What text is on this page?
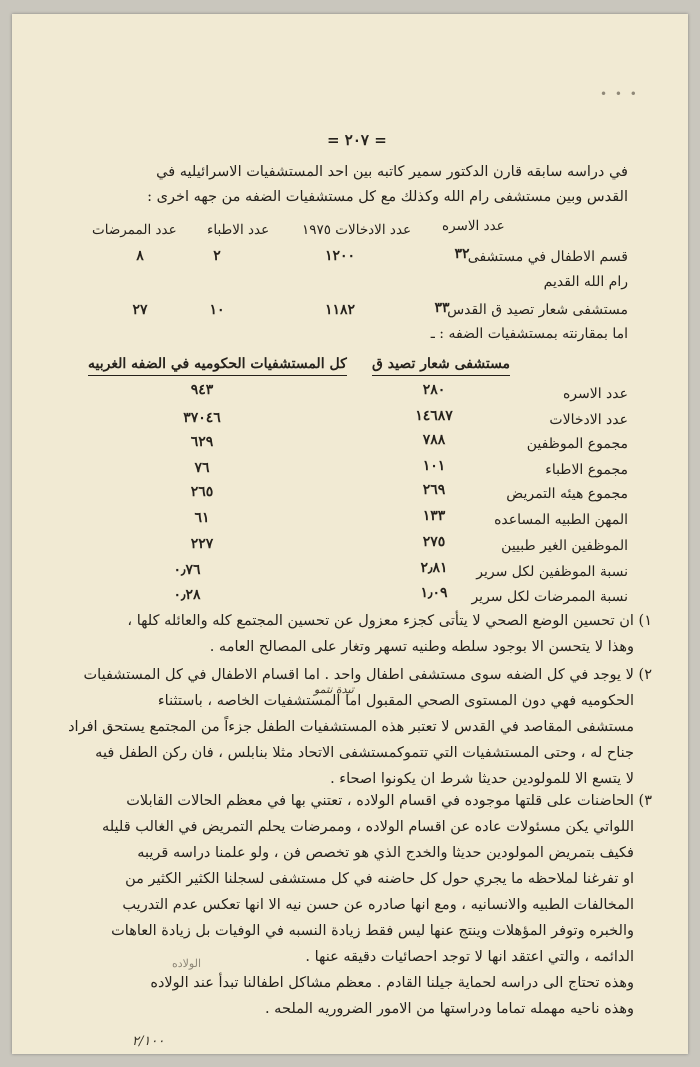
• • •
= ٢٠٧ =
في دراسه سابقه قارن الدكتور سمير كاتبه بين احد المستشفيات الاسرائيليه في
القدس وبين مستشفى رام الله وكذلك مع كل مستشفيات الضفه من جهه اخرى :
عدد الاسره
عدد الادخالات ١٩٧٥
عدد الاطباء
عدد الممرضات
قسم الاطفال في مستشفى
٣٢
١٢٠٠
٢
٨
رام الله القديم
مستشفى شعار تصيد ق القدس
٣٣
١١٨٢
١٠
٢٧
اما بمقارنته بمستشفيات الضفه : ـ
مستشفى شعار تصيد ق
كل المستشفيات الحكوميه في الضفه الغربيه
عدد الاسره
٢٨٠
٩٤٣
عدد الادخالات
١٤٦٨٧
٣٧٠٤٦
مجموع الموظفين
٧٨٨
٦٢٩
مجموع الاطباء
١٠١
٧٦
مجموع هيئه التمريض
٢٦٩
٢٦٥
المهن الطبيه المساعده
١٣٣
٦١
الموظفين الغير طبيين
٢٧٥
٢٢٧
نسبة الموظفين لكل سرير
٢٫٨١
٠٫٧٦
نسبة الممرضات لكل سرير
١٫٠٩
٠٫٢٨
١) ان تحسين الوضع الصحي لا يتأتى كجزء معزول عن تحسين المجتمع كله والعائله كلها ،
وهذا لا يتحسن الا بوجود سلطه وطنيه تسهر وتغار على المصالح العامه .
٢) لا يوجد في كل الضفه سوى مستشفى اطفال واحد . اما اقسام الاطفال في كل المستشفيات
الحكوميه فهي دون المستوى الصحي المقبول اما المستشفيات الخاصه ، باستثناء
مستشفى المقاصد في القدس لا تعتبر هذه المستشفيات الطفل جزءاً من المجتمع يستحق افراد
جناح له ، وحتى المستشفيات التي تتموكمستشفى الاتحاد مثلا بنابلس ، فان ركن الطفل فيه
لا يتسع الا للمولودين حديثا شرط ان يكونوا اصحاء .
تبدة نتمو
٣) الحاضنات على قلتها موجوده في اقسام الولاده ، تعتني بها في معظم الحالات القابلات
اللواتي يكن مسئولات عاده عن اقسام الولاده ، وممرضات يحلم التمريض في الغالب قليله
فكيف بتمريض المولودين حديثا والخدج الذي هو تخصص فن ، ولو علمنا دراسه قريبه
او تفرغنا لملاحظه ما يجري حول كل حاضنه في كل مستشفى لسجلنا الكثير الكثير من
المخالفات الطبيه والانسانيه ، ومع انها صادره عن حسن نيه الا انها تعكس عدم التدريب
والخبره وتوفر المؤهلات وينتج عنها ليس فقط زيادة النسبه في الوفيات بل زيادة العاهات
الدائمه ، والتي اعتقد انها لا توجد احصائيات دقيقه عنها .
وهذه تحتاج الى دراسه لحماية جيلنا القادم . معظم مشاكل اطفالنا تبدأ عند الولاده
وهذه ناحيه مهمله تماما ودراستها من الامور الضروريه الملحه .
الولاده
٢/١٠٠
